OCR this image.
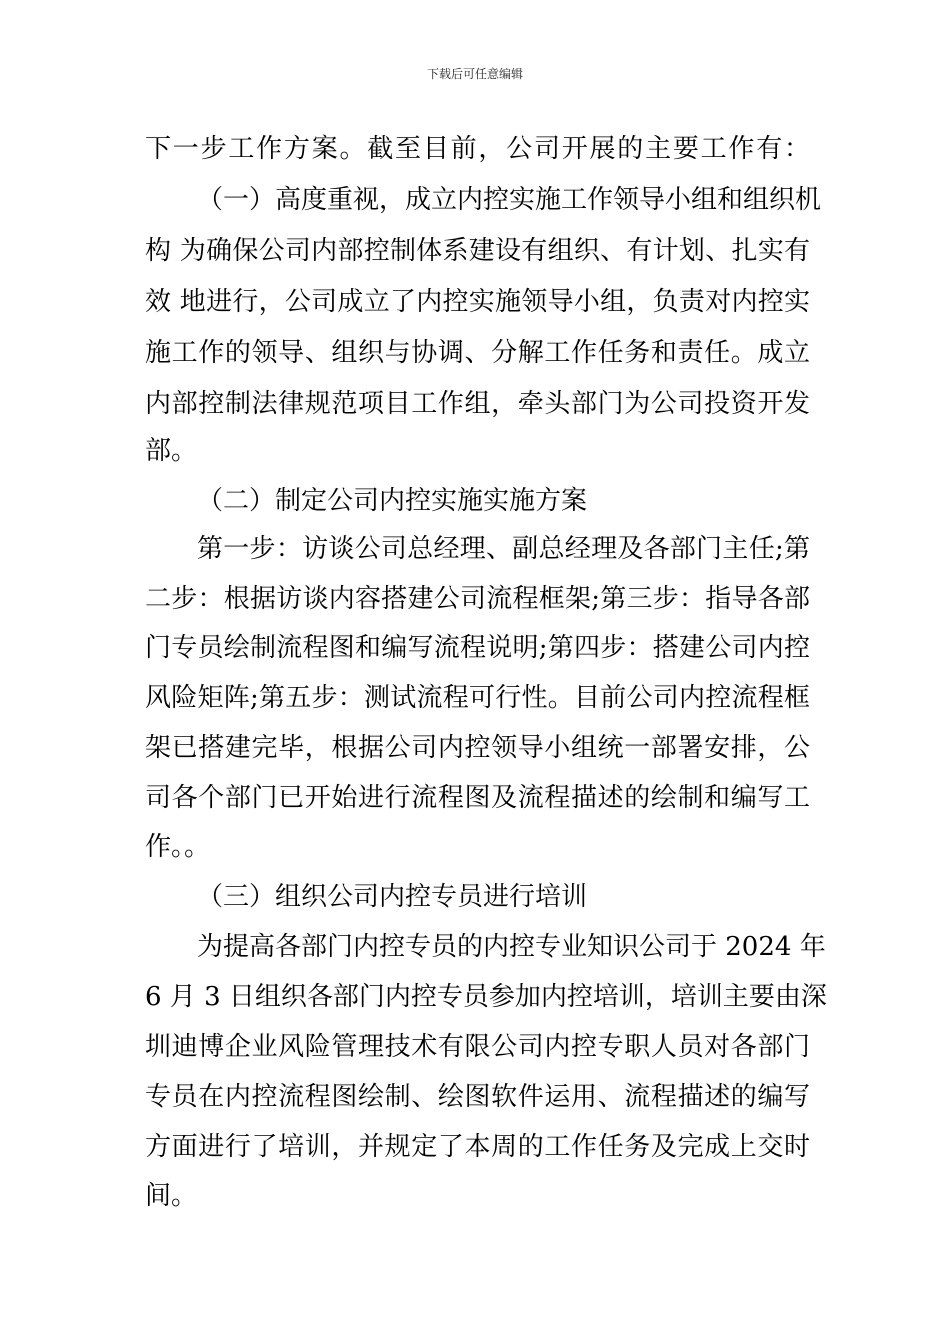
下载后可任意编辑
下一步工作方案。截至目前，公司开展的主要工作有：
（一）高度重视，成立内控实施工作领导小组和组织机
构 为确保公司内部控制体系建设有组织、有计划、扎实有
效 地进行，公司成立了内控实施领导小组，负责对内控实
施工作的领导、组织与协调、分解工作任务和责任。成立
内部控制法律规范项目工作组，牵头部门为公司投资开发
部。
（二）制定公司内控实施实施方案
第一步：访谈公司总经理、副总经理及各部门主任;第
二步：根据访谈内容搭建公司流程框架;第三步：指导各部
门专员绘制流程图和编写流程说明;第四步：搭建公司内控
风险矩阵;第五步：测试流程可行性。目前公司内控流程框
架已搭建完毕，根据公司内控领导小组统一部署安排，公
司各个部门已开始进行流程图及流程描述的绘制和编写工
作。。
（三）组织公司内控专员进行培训
为提高各部门内控专员的内控专业知识公司于 2024 年
6 月 3 日组织各部门内控专员参加内控培训，培训主要由深
圳迪博企业风险管理技术有限公司内控专职人员对各部门
专员在内控流程图绘制、绘图软件运用、流程描述的编写
方面进行了培训，并规定了本周的工作任务及完成上交时
间。
